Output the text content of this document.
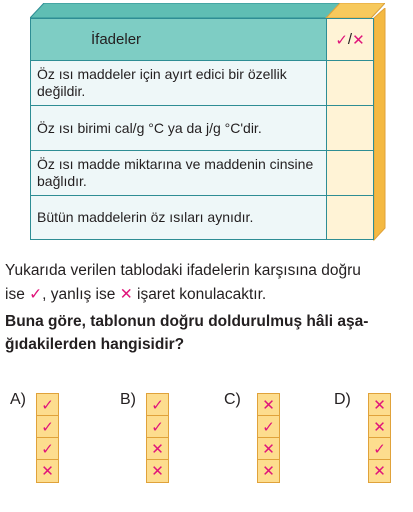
İfadeler	✓ / ✕
Öz ısı maddeler için ayırt edici bir özellik değildir.
Öz ısı birimi cal/g °C ya da j/g °C'dir.
Öz ısı madde miktarına ve maddenin cinsine bağlıdır.
Bütün maddelerin öz ısıları aynıdır.
Yukarıda verilen tablodaki ifadelerin karşısına doğru
ise ✓, yanlış ise ✕ işaret konulacaktır.
Buna göre, tablonun doğru doldurulmuş hâli aşa-
ğıdakilerden hangisidir?
A) ✓
✓
✓
✕
B) ✓
✓
✕
✕
C) ✕
✓
✕
✕
D) ✕
✕
✓
✕
